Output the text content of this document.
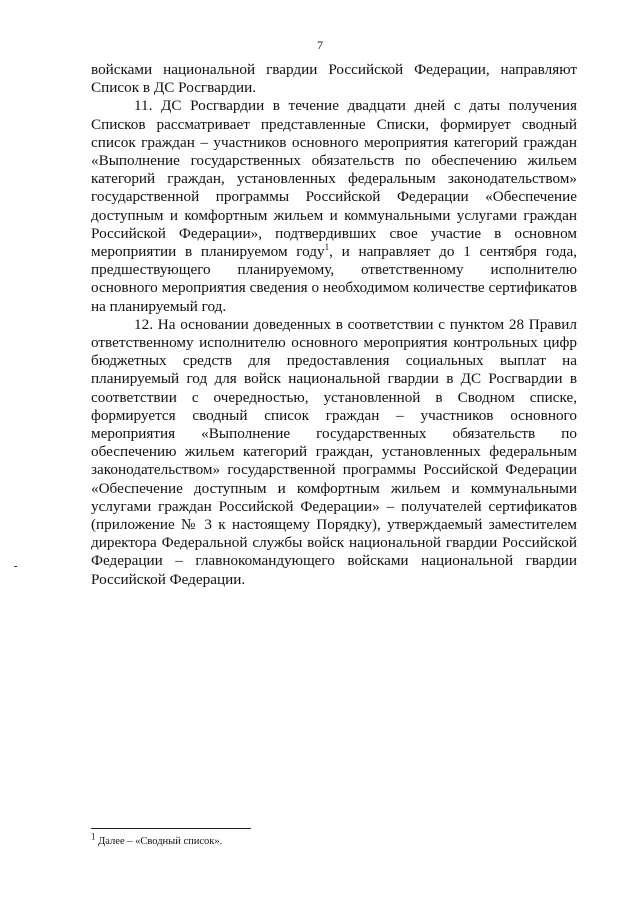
7

войсками национальной гвардии Российской Федерации, направляют Список в ДС Росгвардии.

11. ДС Росгвардии в течение двадцати дней с даты получения Списков рассматривает представленные Списки, формирует сводный список граждан – участников основного мероприятия категорий граждан «Выполнение государственных обязательств по обеспечению жильем категорий граждан, установленных федеральным законодательством» государственной программы Российской Федерации «Обеспечение доступным и комфортным жильем и коммунальными услугами граждан Российской Федерации», подтвердивших свое участие в основном мероприятии в планируемом году$^1$, и направляет до 1 сентября года, предшествующего планируемому, ответственному исполнителю основного мероприятия сведения о необходимом количестве сертификатов на планируемый год.

12. На основании доведенных в соответствии с пунктом 28 Правил ответственному исполнителю основного мероприятия контрольных цифр бюджетных средств для предоставления социальных выплат на планируемый год для войск национальной гвардии в ДС Росгвардии в соответствии с очередностью, установленной в Сводном списке, формируется сводный список граждан – участников основного мероприятия «Выполнение государственных обязательств по обеспечению жильем категорий граждан, установленных федеральным законодательством» государственной программы Российской Федерации «Обеспечение доступным и комфортным жильем и коммунальными услугами граждан Российской Федерации» – получателей сертификатов (приложение № 3 к настоящему Порядку), утверждаемый заместителем директора Федеральной службы войск национальной гвардии Российской Федерации – главнокомандующего войсками национальной гвардии Российской Федерации.

$^1$ Далее – «Сводный список».
